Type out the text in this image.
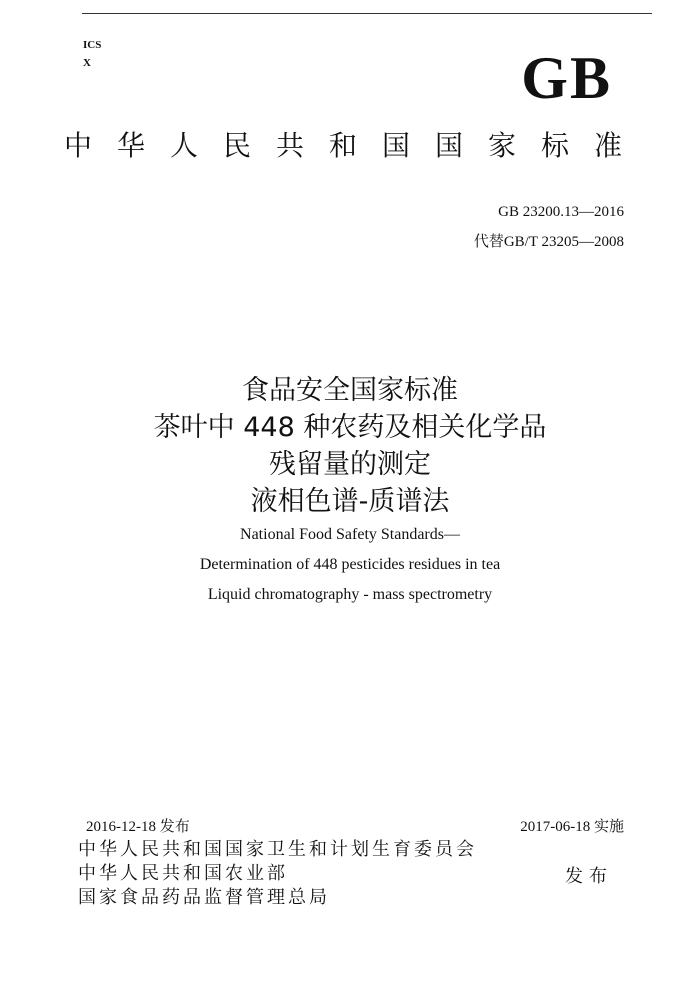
ICS
X	GB
中华人民共和国国家标准
GB 23200.13—2016
代替GB/T 23205—2008
食品安全国家标准
茶叶中 448 种农药及相关化学品
残留量的测定
液相色谱-质谱法
National Food Safety Standards—
Determination of 448 pesticides residues in tea
Liquid chromatography - mass spectrometry
2016-12-18 发布	2017-06-18 实施
中华人民共和国国家卫生和计划生育委员会
中华人民共和国农业部
国家食品药品监督管理总局
发布
